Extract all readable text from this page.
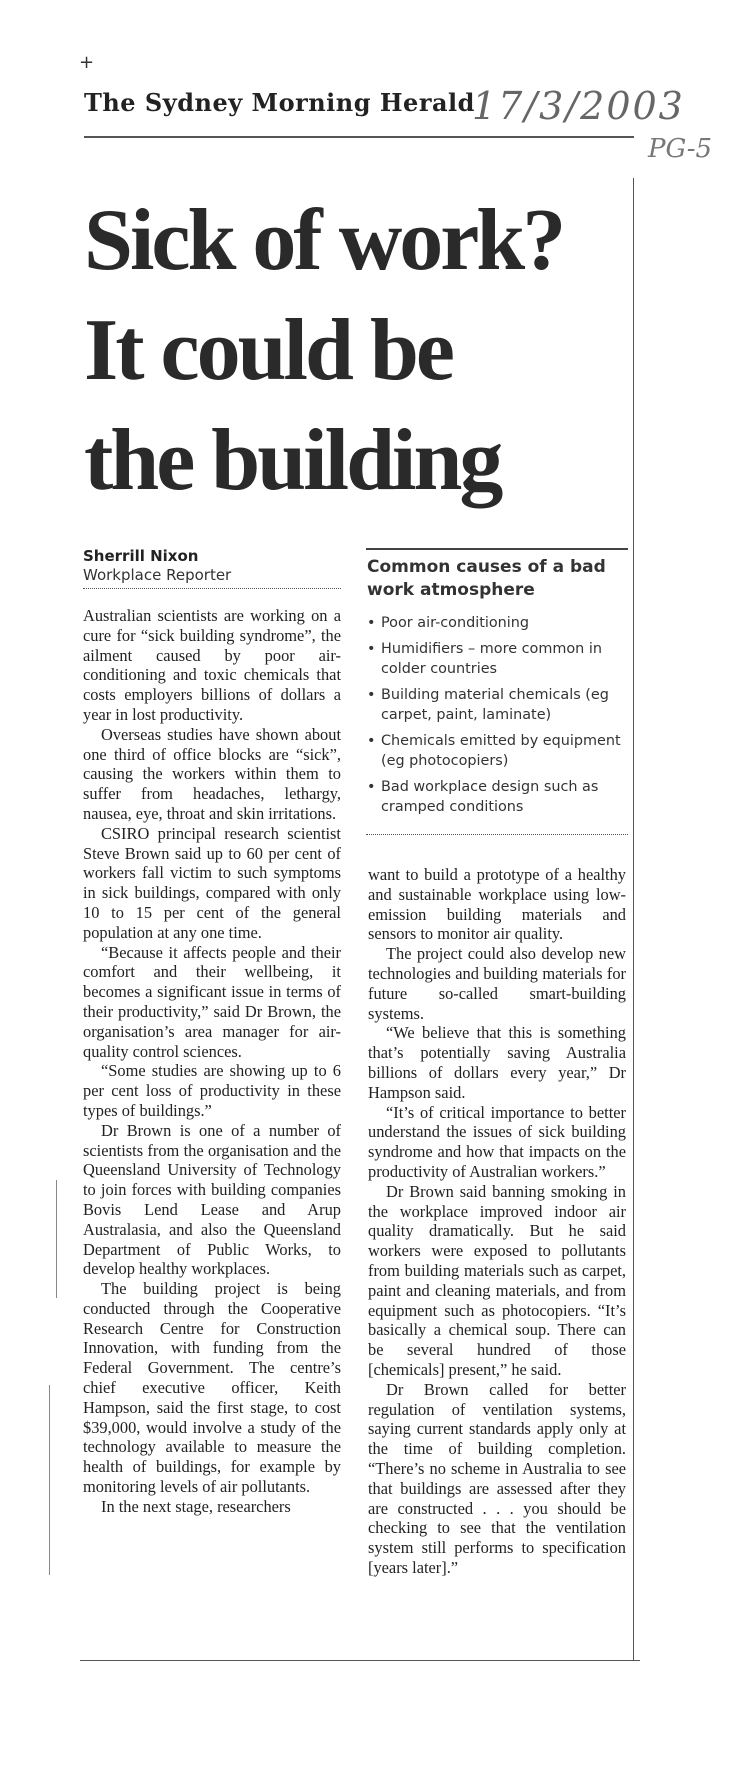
+
The Sydney Morning Herald
17/3/2003
PG-5
Sick of work?
It could be
the building
Sherrill Nixon
Workplace Reporter

Australian scientists are working on a cure for “sick building syndrome”, the ailment caused by poor air-conditioning and toxic chemicals that costs employers billions of dollars a year in lost productivity.

Overseas studies have shown about one third of office blocks are “sick”, causing the workers within them to suffer from headaches, lethargy, nausea, eye, throat and skin irritations.

CSIRO principal research scientist Steve Brown said up to 60 per cent of workers fall victim to such symptoms in sick buildings, compared with only 10 to 15 per cent of the general population at any one time.

“Because it affects people and their comfort and their wellbeing, it becomes a significant issue in terms of their productivity,” said Dr Brown, the organisation’s area manager for air-quality control sciences.

“Some studies are showing up to 6 per cent loss of productivity in these types of buildings.”

Dr Brown is one of a number of scientists from the organisation and the Queensland University of Technology to join forces with building companies Bovis Lend Lease and Arup Australasia, and also the Queensland Department of Public Works, to develop healthy workplaces.

The building project is being conducted through the Cooperative Research Centre for Construction Innovation, with funding from the Federal Government. The centre’s chief executive officer, Keith Hampson, said the first stage, to cost $39,000, would involve a study of the technology available to measure the health of buildings, for example by monitoring levels of air pollutants.

In the next stage, researchers

Common causes of a bad work atmosphere
• Poor air-conditioning
• Humidifiers – more common in colder countries
• Building material chemicals (eg carpet, paint, laminate)
• Chemicals emitted by equipment (eg photocopiers)
• Bad workplace design such as cramped conditions

want to build a prototype of a healthy and sustainable workplace using low-emission building materials and sensors to monitor air quality.

The project could also develop new technologies and building materials for future so-called smart-building systems.

“We believe that this is something that’s potentially saving Australia billions of dollars every year,” Dr Hampson said.

“It’s of critical importance to better understand the issues of sick building syndrome and how that impacts on the productivity of Australian workers.”

Dr Brown said banning smoking in the workplace improved indoor air quality dramatically. But he said workers were exposed to pollutants from building materials such as carpet, paint and cleaning materials, and from equipment such as photocopiers. “It’s basically a chemical soup. There can be several hundred of those [chemicals] present,” he said.

Dr Brown called for better regulation of ventilation systems, saying current standards apply only at the time of building completion. “There’s no scheme in Australia to see that buildings are assessed after they are constructed . . . you should be checking to see that the ventilation system still performs to specification [years later].”
